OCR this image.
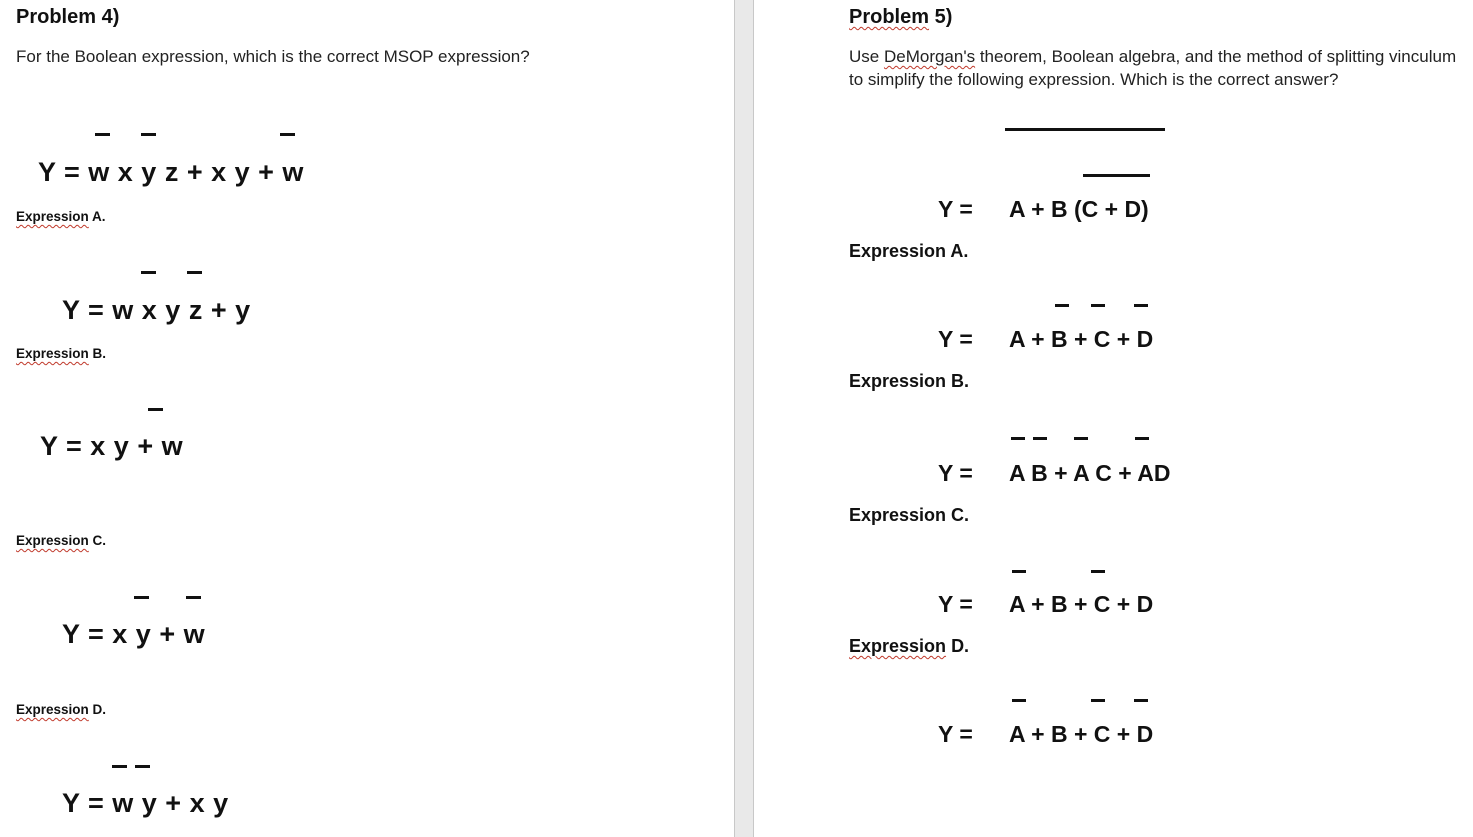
Problem 4)
For the Boolean expression, which is the correct MSOP expression?
Y = w x y z + x y + w
Expression A.
Y = w x y z + y
Expression B.
Y = x y + w
Expression C.
Y = x y + w
Expression D.
Y = w y + x y
Problem 5)
Use DeMorgan's theorem, Boolean algebra, and the method of splitting vinculum
to simplify the following expression. Which is the correct answer?
Y = A + B (C + D)
Expression A.
Y = A + B + C + D
Expression B.
Y = A B + A C + AD
Expression C.
Y = A + B + C + D
Expression D.
Y = A + B + C + D
